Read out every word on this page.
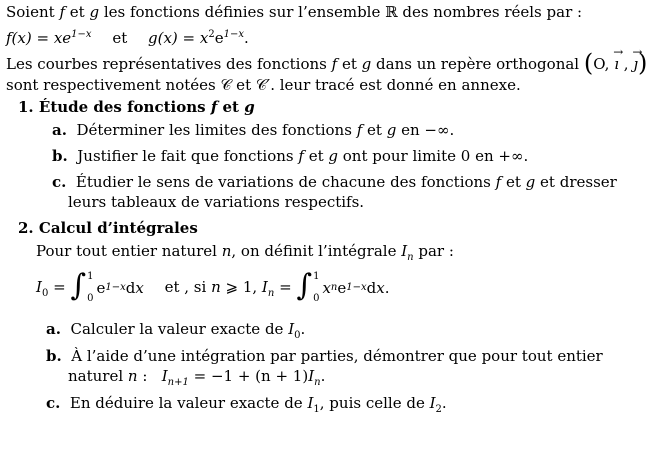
Soient f et g les fonctions définies sur l’ensemble ℝ des nombres réels par :
$f(x) = xe^{1-x}$ et $g(x) = x^2e^{1-x}$.
Les courbes représentatives des fonctions f et g dans un repère orthogonal (O, → ı , → ȷ)
sont respectivement notées 𝒞 et 𝒞′. leur tracé est donné en annexe.
1. Étude des fonctions f et g
a. Déterminer les limites des fonctions f et g en −∞.
b. Justifier le fait que fonctions f et g ont pour limite 0 en +∞.
c. Étudier le sens de variations de chacune des fonctions f et g et dresser
leurs tableaux de variations respectifs.
2. Calcul d’intégrales
Pour tout entier naturel n, on définit l’intégrale $I_n$ par :
$I_0$ = ∫ 1
0
e 1−x d x et , si n ⩾ 1, $I_n$ = ∫ 1
0
x n e 1−x d x .
a. Calculer la valeur exacte de $I_0$.
b. À l’aide d’une intégration par parties, démontrer que pour tout entier
naturel n : $I_{n+1} = -1 + (n + 1)I_n$.
c. En déduire la valeur exacte de $I_1$, puis celle de $I_2$.
